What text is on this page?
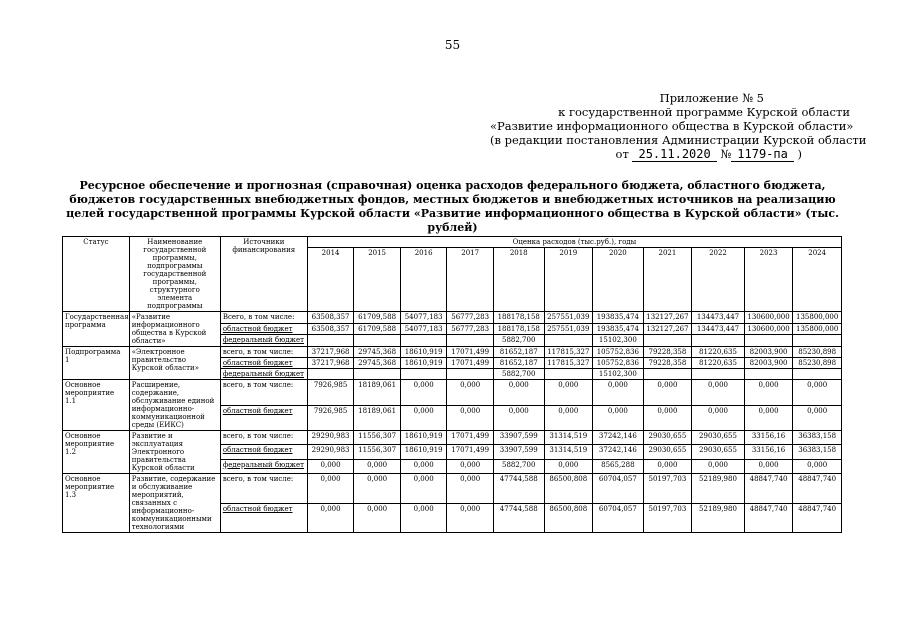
55
Приложение № 5
к государственной программе Курской области
«Развитие информационного общества в Курской области»
(в редакции постановления Администрации Курской области
от 25.11.2020 № 1179-па )
Ресурсное обеспечение и прогнозная (справочная) оценка расходов федерального бюджета, областного бюджета, бюджетов государственных внебюджетных фондов, местных бюджетов и внебюджетных источников на реализацию целей государственной программы Курской области «Развитие информационного общества в Курской области» (тыс. рублей)
Статус	Наименование государственной программы, подпрограммы государственной программы, структурного элемента подпрограммы	Источники финансирования	Оценка расходов (тыс.руб.), годы										
			2014	2015	2016	2017	2018	2019	2020	2021	2022	2023	2024
Государственная программа	«Развитие информационного общества в Курской области»	Всего, в том числе:	63508,357	61709,588	54077,183	56777,283	188178,158	257551,039	193835,474	132127,267	134473,447	130600,000	135800,000
		областной бюджет	63508,357	61709,588	54077,183	56777,283	188178,158	257551,039	193835,474	132127,267	134473,447	130600,000	135800,000
		федеральный бюджет					5882,700		15102,300				
Подпрограмма 1	«Электронное правительство Курской области»	всего, в том числе:	37217,968	29745,368	18610,919	17071,499	81652,187	117815,327	105752,836	79228,358	81220,635	82003,900	85230,898
		областной бюджет	37217,968	29745,368	18610,919	17071,499	81652,187	117815,327	105752,836	79228,358	81220,635	82003,900	85230,898
		федеральный бюджет					5882,700		15102,300				
Основное мероприятие 1.1	Расширение, содержание, обслуживание единой информационно-коммуникационной среды (ЕИКС)	всего, в том числе:	7926,985	18189,061	0,000	0,000	0,000	0,000	0,000	0,000	0,000	0,000	0,000
		областной бюджет	7926,985	18189,061	0,000	0,000	0,000	0,000	0,000	0,000	0,000	0,000	0,000
Основное мероприятие 1.2	Развитие и эксплуатация Электронного правительства Курской области	всего, в том числе:	29290,983	11556,307	18610,919	17071,499	33907,599	31314,519	37242,146	29030,655	29030,655	33156,16	36383,158
		областной бюджет	29290,983	11556,307	18610,919	17071,499	33907,599	31314,519	37242,146	29030,655	29030,655	33156,16	36383,158
		федеральный бюджет	0,000	0,000	0,000	0,000	5882,700	0,000	8565,288	0,000	0,000	0,000	0,000
Основное мероприятие 1.3	Развитие, содержание и обслуживание мероприятий, связанных с информационно-коммуникационными технологиями	всего, в том числе:	0,000	0,000	0,000	0,000	47744,588	86500,808	60704,057	50197,703	52189,980	48847,740	48847,740
		областной бюджет	0,000	0,000	0,000	0,000	47744,588	86500,808	60704,057	50197,703	52189,980	48847,740	48847,740
